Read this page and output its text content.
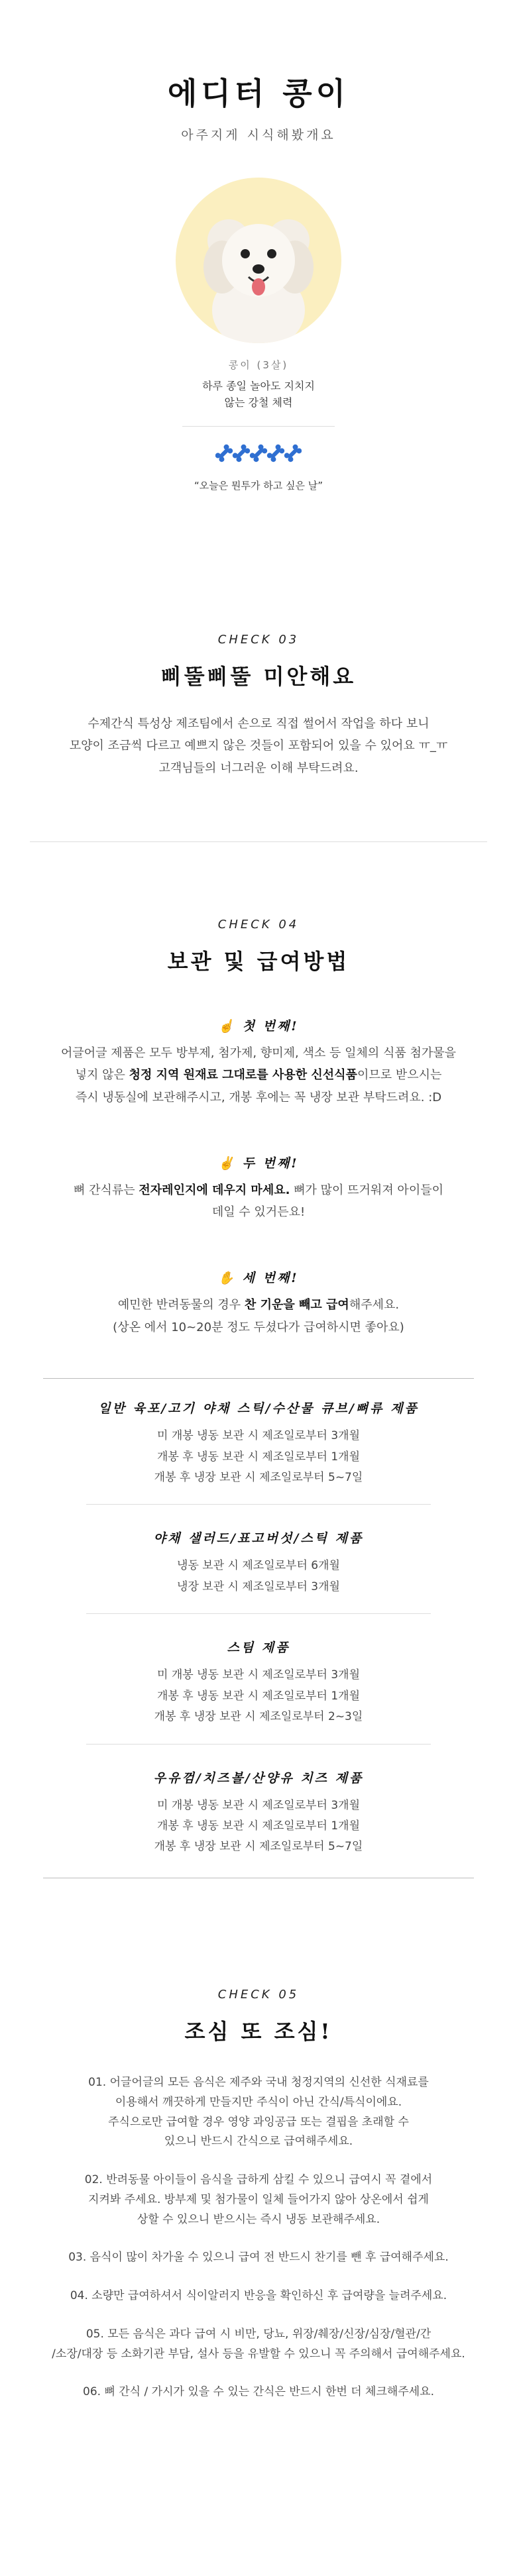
에디터 콩이
아주지게 시식해봤개요
콩이 (3살)
하루 종일 놀아도 지치지
않는 강철 체력
“오늘은 뭔투가 하고 싶은 날”
CHECK 03
삐뚤삐뚤 미안해요
수제간식 특성상 제조팀에서 손으로 직접 썰어서 작업을 하다 보니
모양이 조금씩 다르고 예쁘지 않은 것들이 포함되어 있을 수 있어요 ㅠ_ㅠ
고객님들의 너그러운 이해 부탁드려요.
CHECK 04
보관 및 급여방법
☝ 첫 번째!
어글어글 제품은 모두 방부제, 첨가제, 향미제, 색소 등 일체의 식품 첨가물을
넣지 않은 청정 지역 원재료 그대로를 사용한 신선식품이므로 받으시는
즉시 냉동실에 보관해주시고, 개봉 후에는 꼭 냉장 보관 부탁드려요. :D
✌ 두 번째!
뼈 간식류는 전자레인지에 데우지 마세요. 뼈가 많이 뜨거워져 아이들이
데일 수 있거든요!
✋ 세 번째!
예민한 반려동물의 경우 찬 기운을 빼고 급여해주세요.
(상온 에서 10~20분 정도 두셨다가 급여하시면 좋아요)
일반 육포/고기 야채 스틱/수산물 큐브/뼈류 제품
미 개봉 냉동 보관 시 제조일로부터 3개월
개봉 후 냉동 보관 시 제조일로부터 1개월
개봉 후 냉장 보관 시 제조일로부터 5~7일
야채 샐러드/표고버섯/스틱 제품
냉동 보관 시 제조일로부터 6개월
냉장 보관 시 제조일로부터 3개월
스팀 제품
미 개봉 냉동 보관 시 제조일로부터 3개월
개봉 후 냉동 보관 시 제조일로부터 1개월
개봉 후 냉장 보관 시 제조일로부터 2~3일
우유껌/치즈볼/산양유 치즈 제품
미 개봉 냉동 보관 시 제조일로부터 3개월
개봉 후 냉동 보관 시 제조일로부터 1개월
개봉 후 냉장 보관 시 제조일로부터 5~7일
CHECK 05
조심 또 조심!
01. 어글어글의 모든 음식은 제주와 국내 청정지역의 신선한 식재료를
이용해서 깨끗하게 만들지만 주식이 아닌 간식/특식이에요.
주식으로만 급여할 경우 영양 과잉공급 또는 결핍을 초래할 수
있으니 반드시 간식으로 급여해주세요.
02. 반려동물 아이들이 음식을 급하게 삼킬 수 있으니 급여시 꼭 곁에서
지켜봐 주세요. 방부제 및 첨가물이 일체 들어가지 않아 상온에서 쉽게
상할 수 있으니 받으시는 즉시 냉동 보관해주세요.
03. 음식이 많이 차가울 수 있으니 급여 전 반드시 찬기를 뺀 후 급여해주세요.
04. 소량만 급여하셔서 식이알러지 반응을 확인하신 후 급여량을 늘려주세요.
05. 모든 음식은 과다 급여 시 비만, 당뇨, 위장/췌장/신장/심장/혈관/간
/소장/대장 등 소화기관 부담, 설사 등을 유발할 수 있으니 꼭 주의해서 급여해주세요.
06. 뼈 간식 / 가시가 있을 수 있는 간식은 반드시 한번 더 체크해주세요.
